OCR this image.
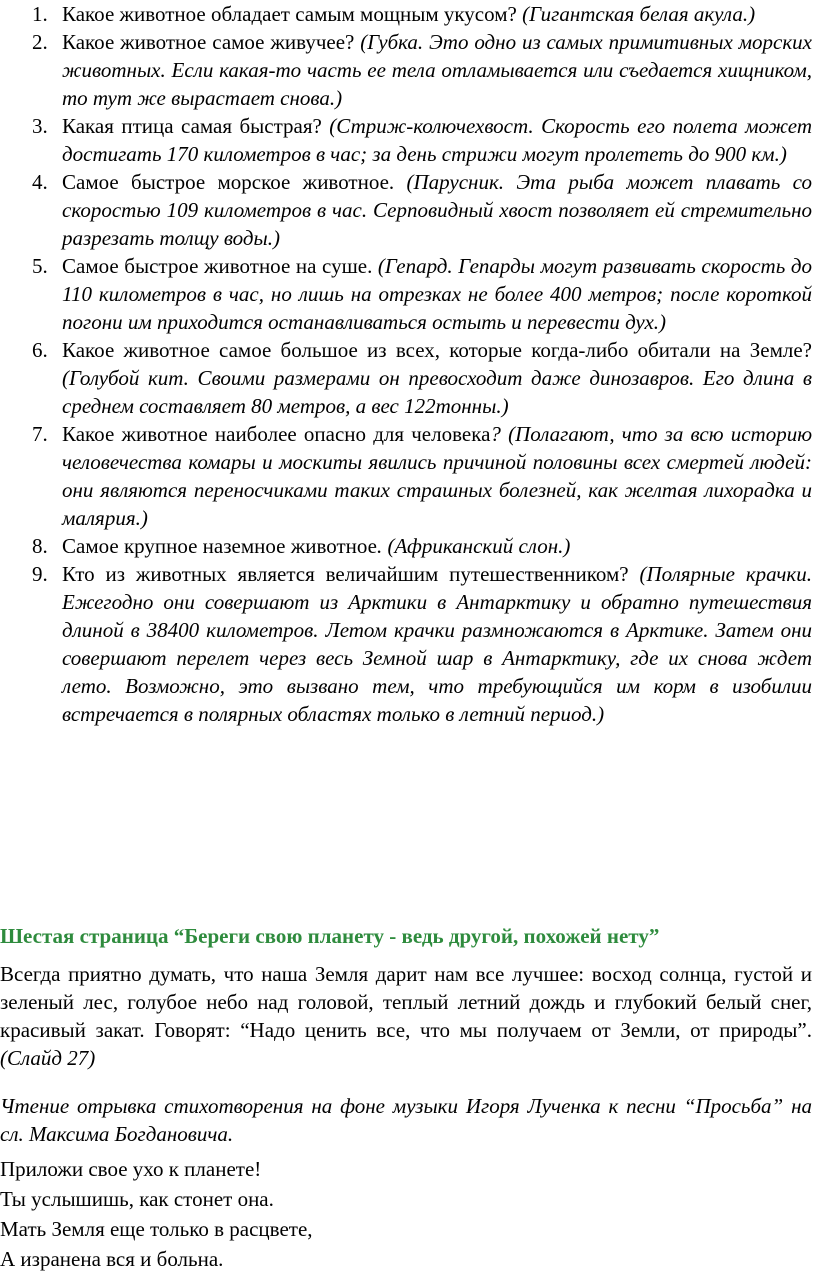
1. Какое животное обладает самым мощным укусом? (Гигантская белая акула.)
2. Какое животное самое живучее? (Губка. Это одно из самых примитивных морских животных. Если какая-то часть ее тела отламывается или съедается хищником, то тут же вырастает снова.)
3. Какая птица самая быстрая? (Стриж-колючехвост. Скорость его полета может достигать 170 километров в час; за день стрижи могут пролететь до 900 км.)
4. Самое быстрое морское животное. (Парусник. Эта рыба может плавать со скоростью 109 километров в час. Серповидный хвост позволяет ей стремительно разрезать толщу воды.)
5. Самое быстрое животное на суше. (Гепард. Гепарды могут развивать скорость до 110 километров в час, но лишь на отрезках не более 400 метров; после короткой погони им приходится останавливаться остыть и перевести дух.)
6. Какое животное самое большое из всех, которые когда-либо обитали на Земле? (Голубой кит. Своими размерами он превосходит даже динозавров. Его длина в среднем составляет 80 метров, а вес 122тонны.)
7. Какое животное наиболее опасно для человека? (Полагают, что за всю историю человечества комары и москиты явились причиной половины всех смертей людей: они являются переносчиками таких страшных болезней, как желтая лихорадка и малярия.)
8. Самое крупное наземное животное. (Африканский слон.)
9. Кто из животных является величайшим путешественником? (Полярные крачки. Ежегодно они совершают из Арктики в Антарктику и обратно путешествия длиной в 38400 километров. Летом крачки размножаются в Арктике. Затем они совершают перелет через весь Земной шар в Антарктику, где их снова ждет лето. Возможно, это вызвано тем, что требующийся им корм в изобилии встречается в полярных областях только в летний период.)
Шестая страница “Береги свою планету - ведь другой, похожей нету”
Всегда приятно думать, что наша Земля дарит нам все лучшее: восход солнца, густой и зеленый лес, голубое небо над головой, теплый летний дождь и глубокий белый снег, красивый закат. Говорят: “Надо ценить все, что мы получаем от Земли, от природы”. (Слайд 27)
Чтение отрывка стихотворения на фоне музыки Игоря Лученка к песни “Просьба” на сл. Максима Богдановича.
Приложи свое ухо к планете!
Ты услышишь, как стонет она.
Мать Земля еще только в расцвете,
А изранена вся и больна.
